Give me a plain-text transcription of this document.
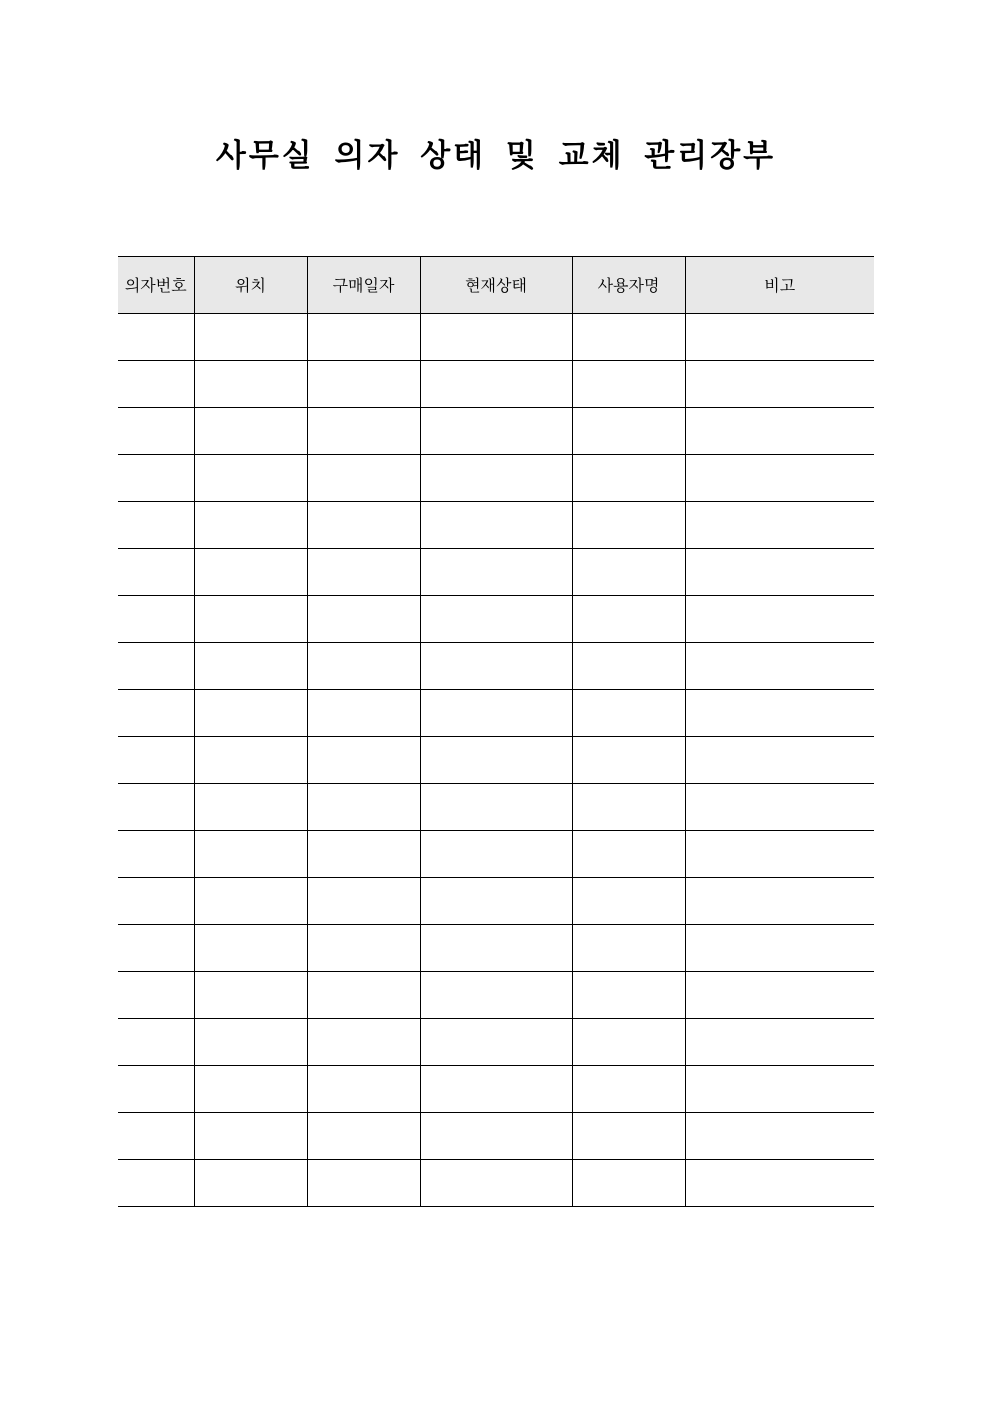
사무실 의자 상태 및 교체 관리장부
의자번호	위치	구매일자	현재상태	사용자명	비고
